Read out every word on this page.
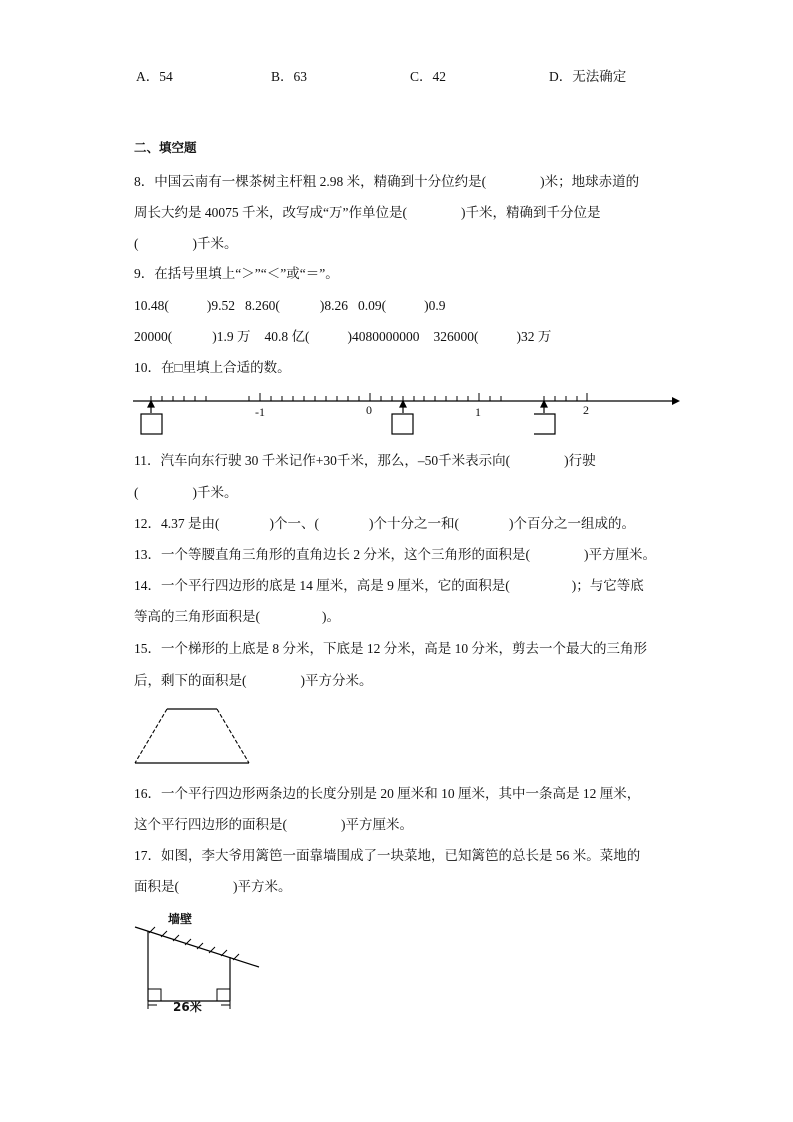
A．54	B．63	C．42	D．无法确定
二、填空题
8．中国云南有一棵茶树主杆粗 2.98 米，精确到十分位约是(	)米；地球赤道的
周长大约是 40075 千米，改写成“万”作单位是(	)千米，精确到千分位是
(	)千米。
9．在括号里填上“＞”“＜”或“＝”。
10.48(	)9.52 8.260(	)8.26 0.09(	)0.9
20000(	)1.9 万 40.8 亿(	)4080000000 326000(	)32 万
10．在□里填上合适的数。
-1	0	1	2
11．汽车向东行驶 30 千米记作+30千米，那么，–50千米表示向(	)行驶
(	)千米。
12．4.37 是由(	)个一、(	)个十分之一和(	)个百分之一组成的。
13．一个等腰直角三角形的直角边长 2 分米，这个三角形的面积是(	)平方厘米。
14．一个平行四边形的底是 14 厘米，高是 9 厘米，它的面积是(	)；与它等底
等高的三角形面积是(	)。
15．一个梯形的上底是 8 分米，下底是 12 分米，高是 10 分米，剪去一个最大的三角形
后，剩下的面积是(	)平方分米。
16．一个平行四边形两条边的长度分别是 20 厘米和 10 厘米，其中一条高是 12 厘米，
这个平行四边形的面积是(	)平方厘米。
17．如图，李大爷用篱笆一面靠墙围成了一块菜地，已知篱笆的总长是 56 米。菜地的
面积是(	)平方米。
墙壁
26米
